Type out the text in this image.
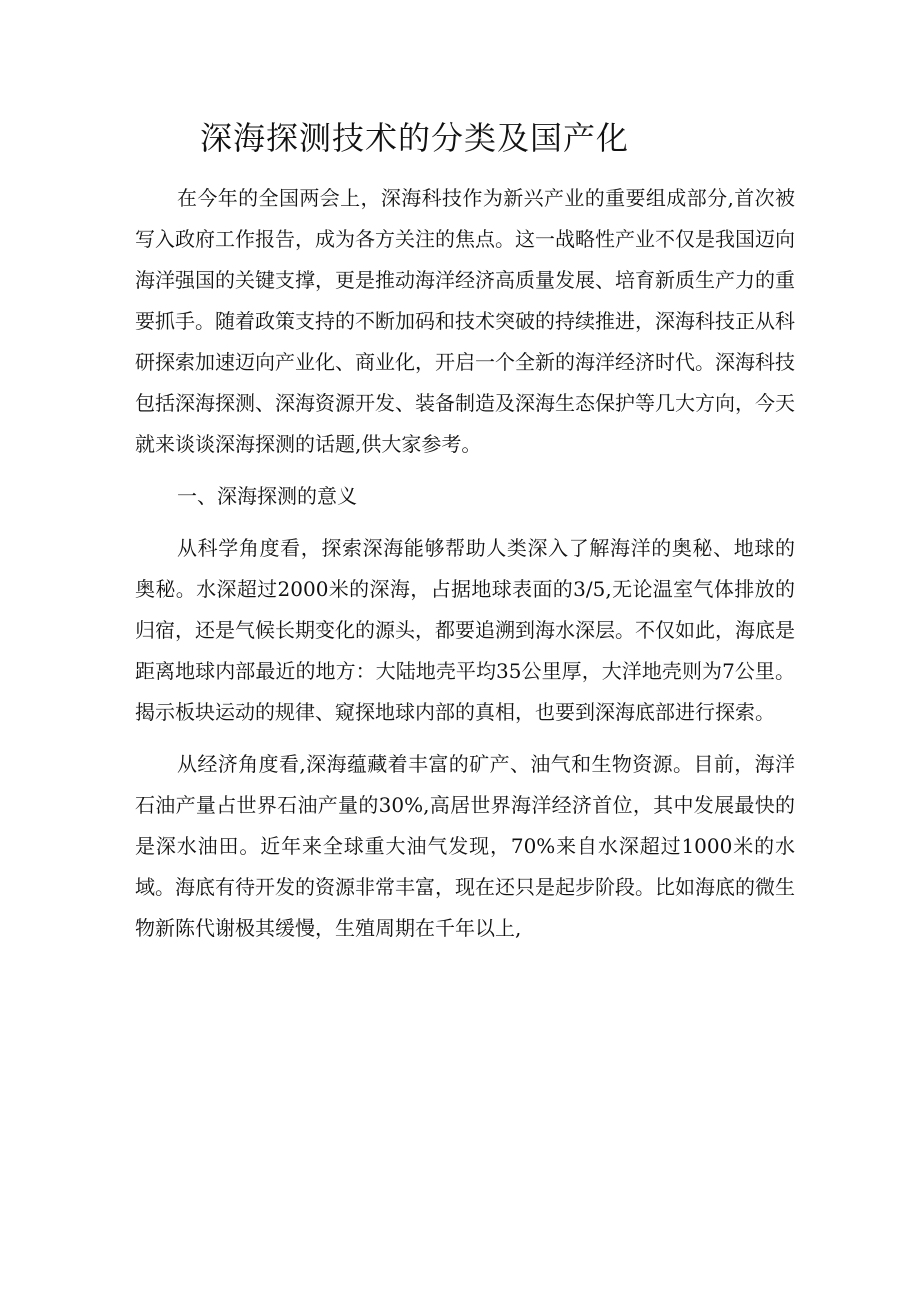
深海探测技术的分类及国产化

在今年的全国两会上，深海科技作为新兴产业的重要组成部分,首次被写入政府工作报告，成为各方关注的焦点。这一战略性产业不仅是我国迈向海洋强国的关键支撑，更是推动海洋经济高质量发展、培育新质生产力的重要抓手。随着政策支持的不断加码和技术突破的持续推进，深海科技正从科研探索加速迈向产业化、商业化，开启一个全新的海洋经济时代。深海科技包括深海探测、深海资源开发、装备制造及深海生态保护等几大方向，今天就来谈谈深海探测的话题,供大家参考。

一、深海探测的意义

从科学角度看，探索深海能够帮助人类深入了解海洋的奥秘、地球的奥秘。水深超过2000米的深海，占据地球表面的3/5,无论温室气体排放的归宿，还是气候长期变化的源头，都要追溯到海水深层。不仅如此，海底是距离地球内部最近的地方：大陆地壳平均35公里厚，大洋地壳则为7公里。揭示板块运动的规律、窥探地球内部的真相，也要到深海底部进行探索。

从经济角度看,深海蕴藏着丰富的矿产、油气和生物资源。目前，海洋石油产量占世界石油产量的30%,高居世界海洋经济首位，其中发展最快的是深水油田。近年来全球重大油气发现，70%来自水深超过1000米的水域。海底有待开发的资源非常丰富，现在还只是起步阶段。比如海底的微生物新陈代谢极其缓慢，生殖周期在千年以上,
